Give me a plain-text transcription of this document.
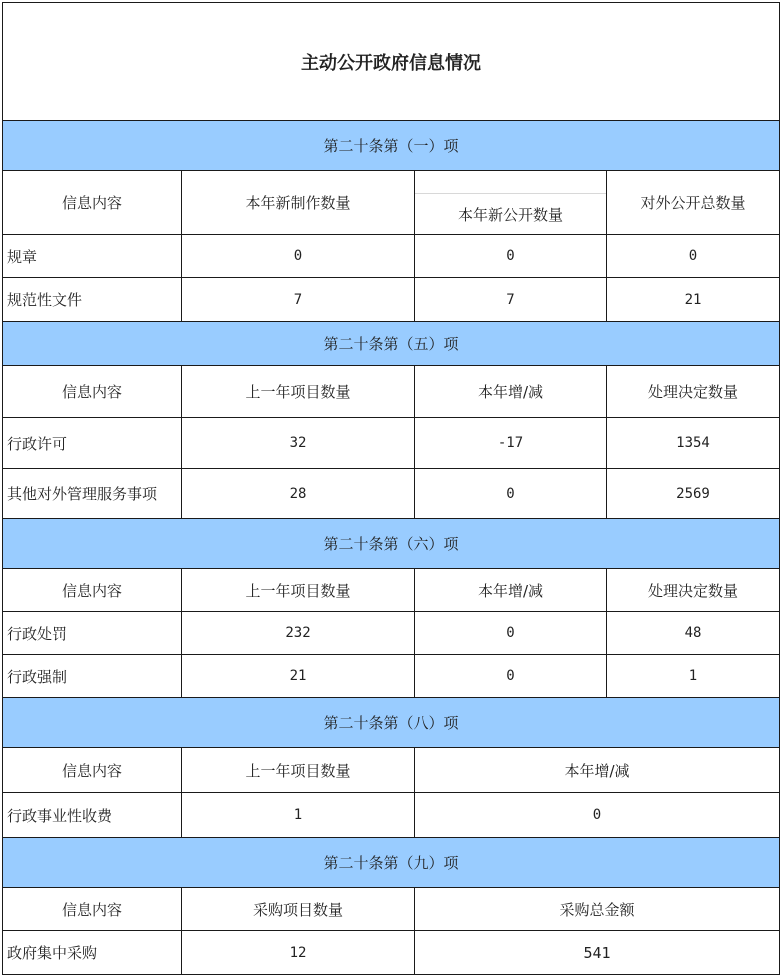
主动公开政府信息情况			
第二十条第（一）项			
信息内容	本年新制作数量	本年新公开数量	对外公开总数量
规章	0	0	0
规范性文件	7	7	21
第二十条第（五）项			
信息内容	上一年项目数量	本年增/减	处理决定数量
行政许可	32	-17	1354
其他对外管理服务事项	28	0	2569
第二十条第（六）项			
信息内容	上一年项目数量	本年增/减	处理决定数量
行政处罚	232	0	48
行政强制	21	0	1
第二十条第（八）项			
信息内容	上一年项目数量	本年增/减	
行政事业性收费	1	0	
第二十条第（九）项			
信息内容	采购项目数量	采购总金额	
政府集中采购	12	541	
